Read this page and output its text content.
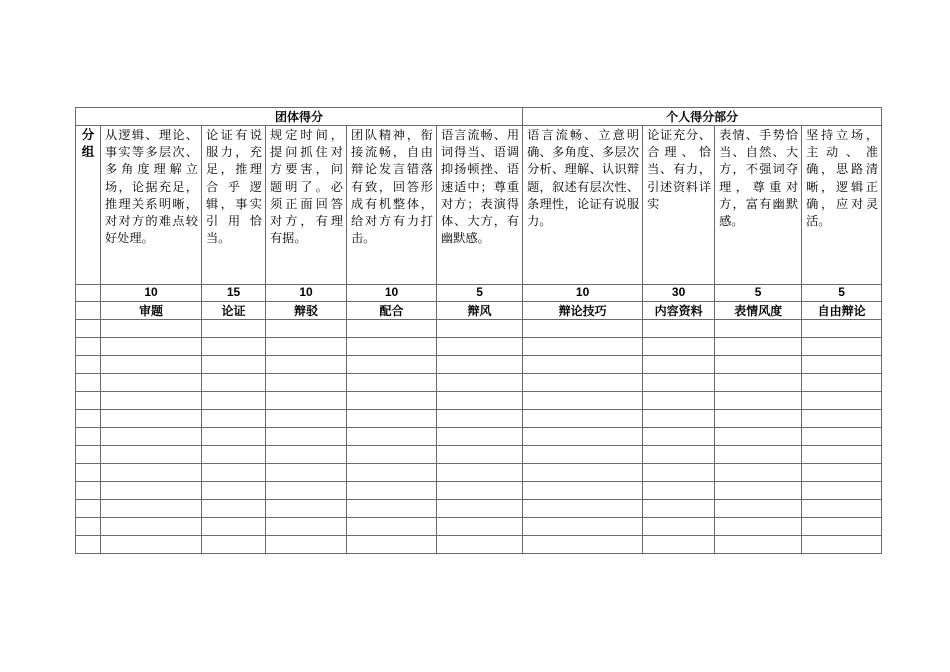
团体得分						个人得分部分			
分组	从逻辑、理论、事实等多层次、多角度理解立场，论据充足，推理关系明晰，对对方的难点较好处理。	论证有说服力，充足，推理合乎逻辑，事实引用恰当。	规定时间，提问抓住对方要害，问题明了。必须正面回答对方，有理有据。	团队精神，衔接流畅，自由辩论发言错落有致，回答形成有机整体，给对方有力打击。	语言流畅、用词得当、语调抑扬顿挫、语速适中；尊重对方；表演得体、大方，有幽默感。	语言流畅、立意明确、多角度、多层次分析、理解、认识辩题，叙述有层次性、条理性，论证有说服力。	论证充分、合理、恰当、有力，引述资料详实	表情、手势恰当、自然、大方，不强词夺理，尊重对方，富有幽默感。	坚持立场，主动、准确，思路清晰，逻辑正确，应对灵活。
	10	15	10	10	5	10	30	5	5
	审题	论证	辩驳	配合	辩风	辩论技巧	内容资料	表情风度	自由辩论
